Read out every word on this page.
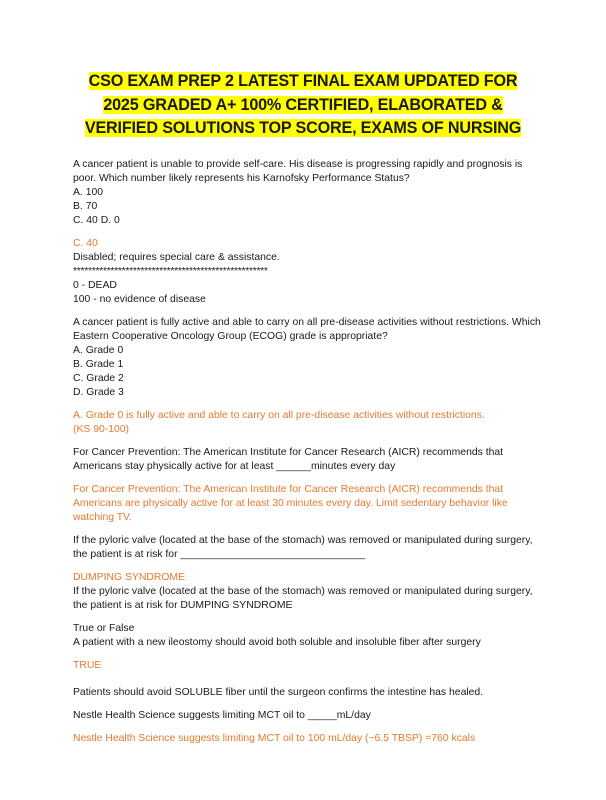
CSO EXAM PREP 2 LATEST FINAL EXAM UPDATED FOR 2025 GRADED A+ 100% CERTIFIED, ELABORATED & VERIFIED SOLUTIONS TOP SCORE, EXAMS OF NURSING

A cancer patient is unable to provide self-care. His disease is progressing rapidly and prognosis is poor. Which number likely represents his Karnofsky Performance Status?

A. 100

B. 70

C. 40 D. 0

C. 40

Disabled; requires special care & assistance.

****************************************************

0 - DEAD

100 - no evidence of disease

A cancer patient is fully active and able to carry on all pre-disease activities without restrictions. Which Eastern Cooperative Oncology Group (ECOG) grade is appropriate?

A. Grade 0

B. Grade 1

C. Grade 2

D. Grade 3

A. Grade 0 is fully active and able to carry on all pre-disease activities without restrictions.

(KS 90-100)

For Cancer Prevention: The American Institute for Cancer Research (AICR) recommends that Americans stay physically active for at least ______minutes every day

For Cancer Prevention: The American Institute for Cancer Research (AICR) recommends that Americans are physically active for at least 30 minutes every day. Limit sedentary behavior like watching TV.

If the pyloric valve (located at the base of the stomach) was removed or manipulated during surgery, the patient is at risk for ________________________________

DUMPING SYNDROME

If the pyloric valve (located at the base of the stomach) was removed or manipulated during surgery, the patient is at risk for DUMPING SYNDROME

True or False

A patient with a new ileostomy should avoid both soluble and insoluble fiber after surgery

TRUE

Patients should avoid SOLUBLE fiber until the surgeon confirms the intestine has healed.

Nestle Health Science suggests limiting MCT oil to _____mL/day

Nestle Health Science suggests limiting MCT oil to 100 mL/day (~6.5 TBSP) =760 kcals
